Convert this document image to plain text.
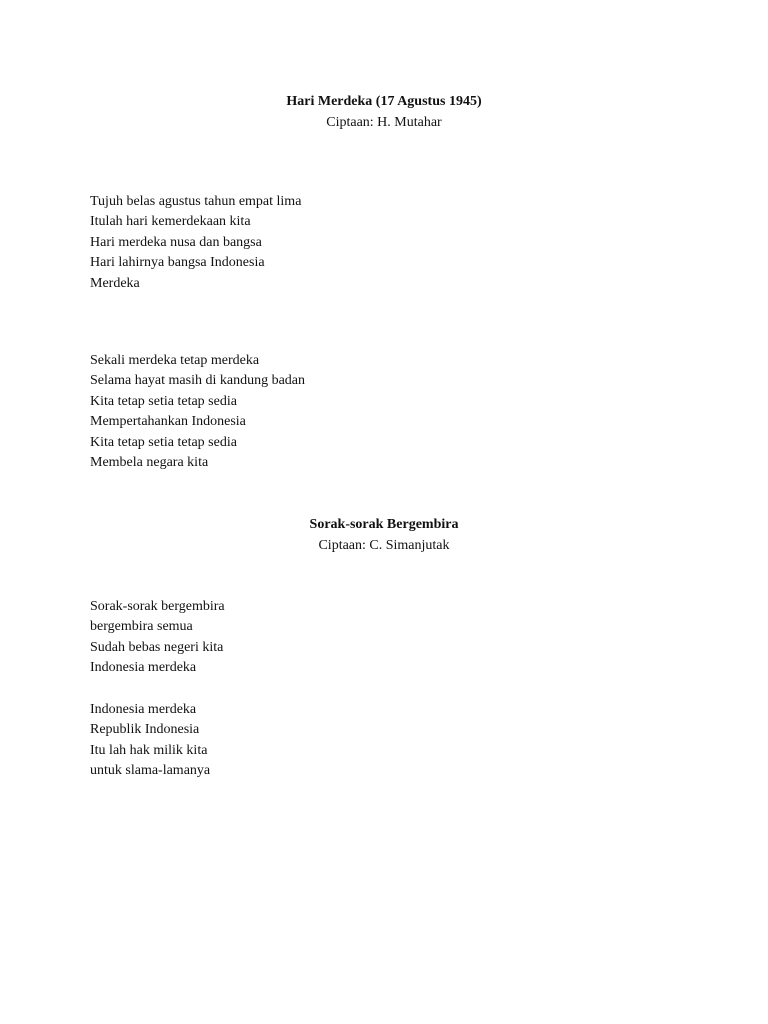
Hari Merdeka (17 Agustus 1945)
Ciptaan: H. Mutahar
Tujuh belas agustus tahun empat lima
Itulah hari kemerdekaan kita
Hari merdeka nusa dan bangsa
Hari lahirnya bangsa Indonesia
Merdeka
Sekali merdeka tetap merdeka
Selama hayat masih di kandung badan
Kita tetap setia tetap sedia
Mempertahankan Indonesia
Kita tetap setia tetap sedia
Membela negara kita
Sorak-sorak Bergembira
Ciptaan: C. Simanjutak
Sorak-sorak bergembira
bergembira semua
Sudah bebas negeri kita
Indonesia merdeka
Indonesia merdeka
Republik Indonesia
Itu lah hak milik kita
untuk slama-lamanya
